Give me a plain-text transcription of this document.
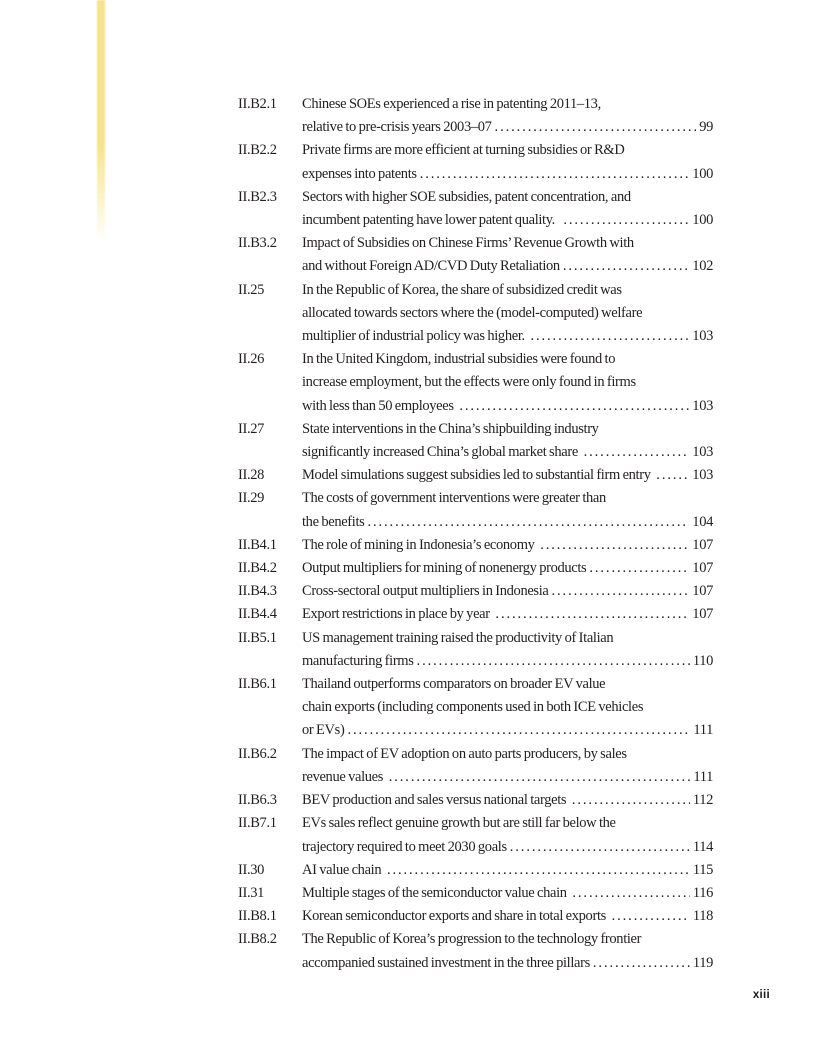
II.B2.1	Chinese SOEs experienced a rise in patenting 2011–13,
relative to pre-crisis years 2003–07 .....	99
II.B2.2	Private firms are more efficient at turning subsidies or R&D
expenses into patents .....	100
II.B2.3	Sectors with higher SOE subsidies, patent concentration, and
incumbent patenting have lower patent quality. .....	100
II.B3.2	Impact of Subsidies on Chinese Firms’ Revenue Growth with
and without Foreign AD/CVD Duty Retaliation .....	102
II.25	In the Republic of Korea, the share of subsidized credit was
allocated towards sectors where the (model-computed) welfare
multiplier of industrial policy was higher. .....	103
II.26	In the United Kingdom, industrial subsidies were found to
increase employment, but the effects were only found in firms
with less than 50 employees .....	103
II.27	State interventions in the China’s shipbuilding industry
significantly increased China’s global market share .....	103
II.28	Model simulations suggest subsidies led to substantial firm entry .....	103
II.29	The costs of government interventions were greater than
the benefits .....	104
II.B4.1	The role of mining in Indonesia’s economy .....	107
II.B4.2	Output multipliers for mining of nonenergy products .....	107
II.B4.3	Cross-sectoral output multipliers in Indonesia .....	107
II.B4.4	Export restrictions in place by year .....	107
II.B5.1	US management training raised the productivity of Italian
manufacturing firms .....	110
II.B6.1	Thailand outperforms comparators on broader EV value
chain exports (including components used in both ICE vehicles
or EVs) .....	111
II.B6.2	The impact of EV adoption on auto parts producers, by sales
revenue values .....	111
II.B6.3	BEV production and sales versus national targets .....	112
II.B7.1	EVs sales reflect genuine growth but are still far below the
trajectory required to meet 2030 goals .....	114
II.30	AI value chain .....	115
II.31	Multiple stages of the semiconductor value chain .....	116
II.B8.1	Korean semiconductor exports and share in total exports .....	118
II.B8.2	The Republic of Korea’s progression to the technology frontier
accompanied sustained investment in the three pillars .....	119
xiii
